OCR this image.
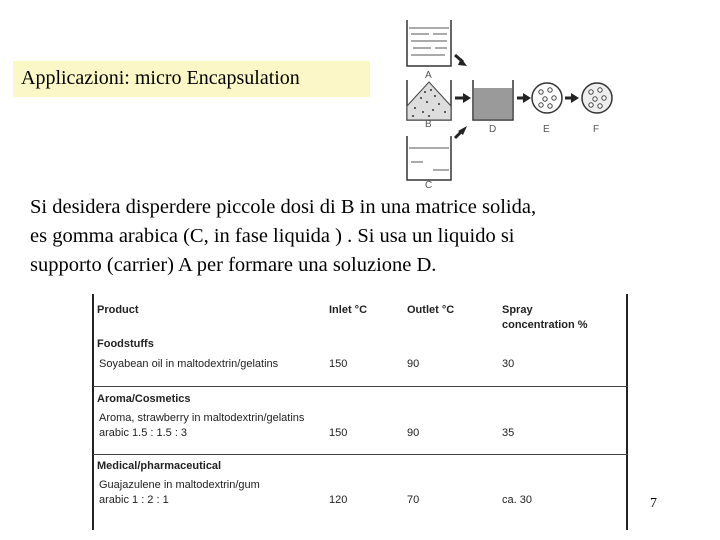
Applicazioni: micro Encapsulation	A
B
C
D	E	F
Si desidera disperdere piccole dosi di B in una matrice solida,
es gomma arabica (C, in fase liquida ) . Si usa un liquido si
supporto (carrier) A per formare una soluzione D.
Product	Inlet °C	Outlet °C	Spray
concentration %
Foodstuffs
Soyabean oil in maltodextrin/gelatins	150	90	30
Aroma/Cosmetics
Aroma, strawberry in maltodextrin/gelatins
arabic 1.5 : 1.5 : 3	150	90	35
Medical/pharmaceutical
Guajazulene in maltodextrin/gum
arabic 1 : 2 : 1	120	70	ca. 30	7
